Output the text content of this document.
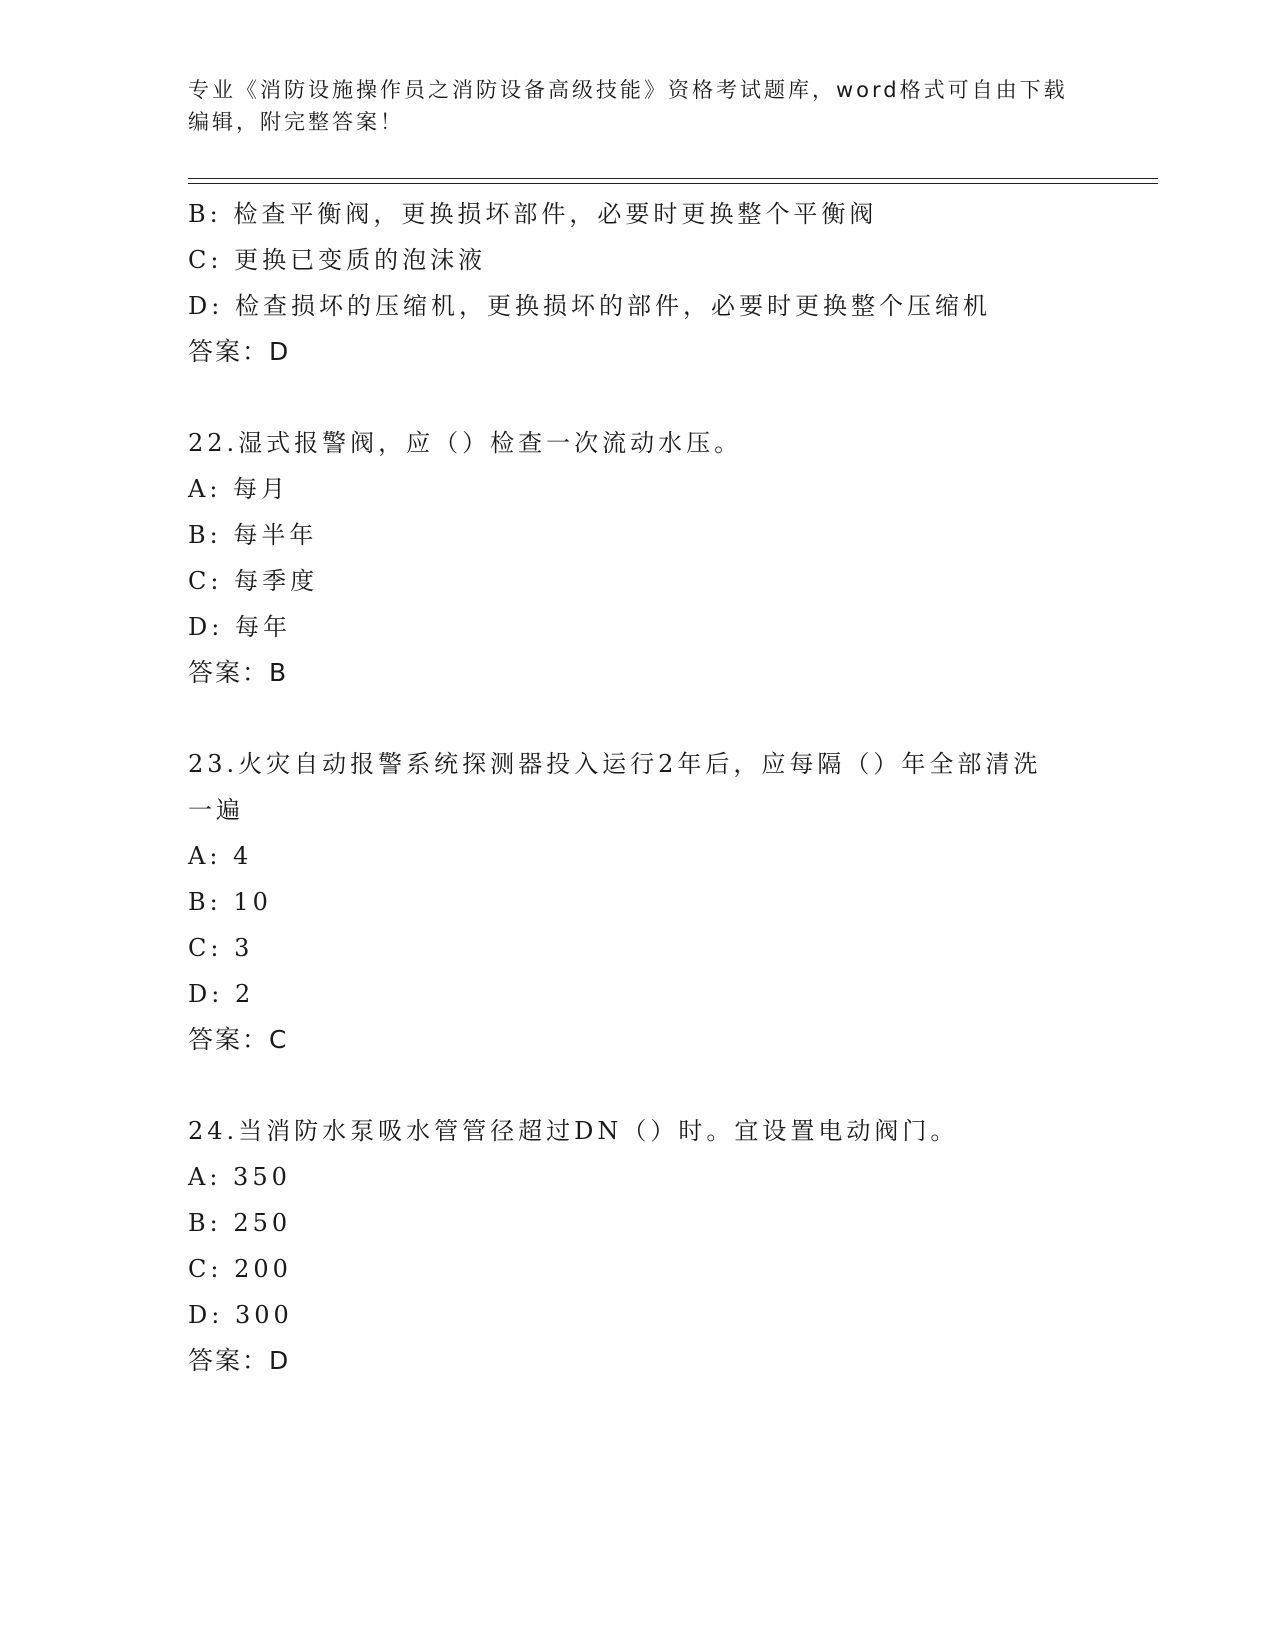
专业《消防设施操作员之消防设备高级技能》资格考试题库，word格式可自由下载编辑，附完整答案！
B: 检查平衡阀，更换损坏部件，必要时更换整个平衡阀
C: 更换已变质的泡沫液
D: 检查损坏的压缩机，更换损坏的部件，必要时更换整个压缩机
答案：D
22.湿式报警阀，应（）检查一次流动水压。
A: 每月
B: 每半年
C: 每季度
D: 每年
答案：B
23.火灾自动报警系统探测器投入运行2年后，应每隔（）年全部清洗一遍
A: 4
B: 10
C: 3
D: 2
答案：C
24.当消防水泵吸水管管径超过DN（）时。宜设置电动阀门。
A: 350
B: 250
C: 200
D: 300
答案：D
